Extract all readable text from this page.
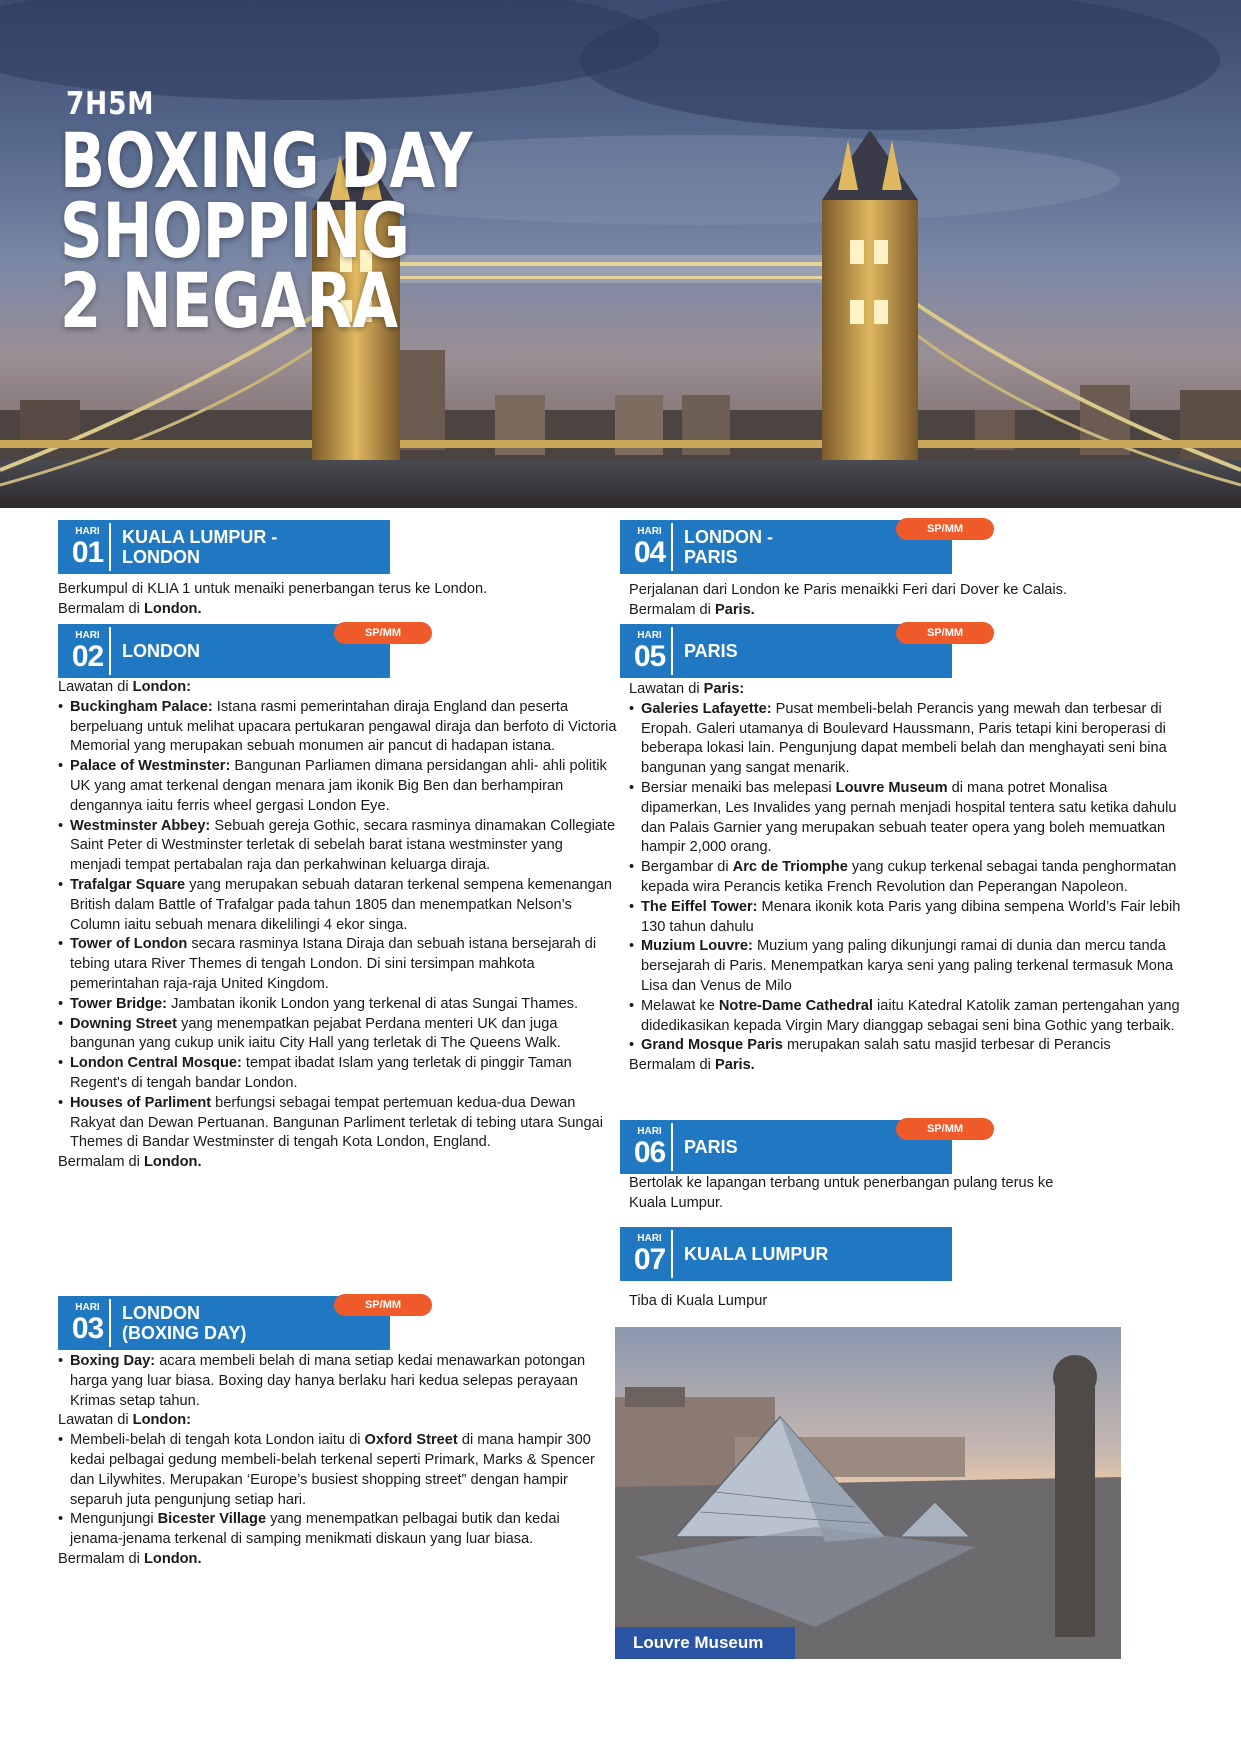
7H5M
BOXING DAY
SHOPPING
2 NEGARA
HARI
01	KUALA LUMPUR -
LONDON
Berkumpul di KLIA 1 untuk menaiki penerbangan terus ke London.
Bermalam di London.
HARI
02	LONDON
SP/MM
Lawatan di London:
• Buckingham Palace: Istana rasmi pemerintahan diraja England dan peserta berpeluang untuk melihat upacara pertukaran pengawal diraja dan berfoto di Victoria Memorial yang merupakan sebuah monumen air pancut di hadapan istana.
• Palace of Westminster: Bangunan Parliamen dimana persidangan ahli- ahli politik UK yang amat terkenal dengan menara jam ikonik Big Ben dan berhampiran dengannya iaitu ferris wheel gergasi London Eye.
• Westminster Abbey: Sebuah gereja Gothic, secara rasminya dinamakan Collegiate Saint Peter di Westminster terletak di sebelah barat istana westminster yang menjadi tempat pertabalan raja dan perkahwinan keluarga diraja.
• Trafalgar Square yang merupakan sebuah dataran terkenal sempena kemenangan British dalam Battle of Trafalgar pada tahun 1805 dan menempatkan Nelson’s Column iaitu sebuah menara dikelilingi 4 ekor singa.
• Tower of London secara rasminya Istana Diraja dan sebuah istana bersejarah di tebing utara River Themes di tengah London. Di sini tersimpan mahkota pemerintahan raja-raja United Kingdom.
• Tower Bridge: Jambatan ikonik London yang terkenal di atas Sungai Thames.
• Downing Street yang menempatkan pejabat Perdana menteri UK dan juga bangunan yang cukup unik iaitu City Hall yang terletak di The Queens Walk.
• London Central Mosque: tempat ibadat Islam yang terletak di pinggir Taman Regent's di tengah bandar London.
• Houses of Parliment berfungsi sebagai tempat pertemuan kedua-dua Dewan Rakyat dan Dewan Pertuanan. Bangunan Parliment terletak di tebing utara Sungai Themes di Bandar Westminster di tengah Kota London, England.
Bermalam di London.
HARI
03	LONDON
(BOXING DAY)
SP/MM
• Boxing Day: acara membeli belah di mana setiap kedai menawarkan potongan harga yang luar biasa. Boxing day hanya berlaku hari kedua selepas perayaan Krimas setap tahun.
Lawatan di London:
• Membeli-belah di tengah kota London iaitu di Oxford Street di mana hampir 300 kedai pelbagai gedung membeli-belah terkenal seperti Primark, Marks & Spencer dan Lilywhites. Merupakan ‘Europe’s busiest shopping street” dengan hampir separuh juta pengunjung setiap hari.
• Mengunjungi Bicester Village yang menempatkan pelbagai butik dan kedai jenama-jenama terkenal di samping menikmati diskaun yang luar biasa.
Bermalam di London.
HARI
04	LONDON -
PARIS
SP/MM
Perjalanan dari London ke Paris menaikki Feri dari Dover ke Calais.
Bermalam di Paris.
HARI
05	PARIS
SP/MM
Lawatan di Paris:
• Galeries Lafayette: Pusat membeli-belah Perancis yang mewah dan terbesar di Eropah. Galeri utamanya di Boulevard Haussmann, Paris tetapi kini beroperasi di beberapa lokasi lain. Pengunjung dapat membeli belah dan menghayati seni bina bangunan yang sangat menarik.
• Bersiar menaiki bas melepasi Louvre Museum di mana potret Monalisa dipamerkan, Les Invalides yang pernah menjadi hospital tentera satu ketika dahulu dan Palais Garnier yang merupakan sebuah teater opera yang boleh memuatkan hampir 2,000 orang.
• Bergambar di Arc de Triomphe yang cukup terkenal sebagai tanda penghormatan kepada wira Perancis ketika French Revolution dan Peperangan Napoleon.
• The Eiffel Tower: Menara ikonik kota Paris yang dibina sempena World’s Fair lebih 130 tahun dahulu
• Muzium Louvre: Muzium yang paling dikunjungi ramai di dunia dan mercu tanda bersejarah di Paris. Menempatkan karya seni yang paling terkenal termasuk Mona Lisa dan Venus de Milo
• Melawat ke Notre-Dame Cathedral iaitu Katedral Katolik zaman pertengahan yang didedikasikan kepada Virgin Mary dianggap sebagai seni bina Gothic yang terbaik.
• Grand Mosque Paris merupakan salah satu masjid terbesar di Perancis
Bermalam di Paris.
HARI
06	PARIS
SP/MM
Bertolak ke lapangan terbang untuk penerbangan pulang terus ke
Kuala Lumpur.
HARI
07	KUALA LUMPUR
Tiba di Kuala Lumpur
Louvre Museum
